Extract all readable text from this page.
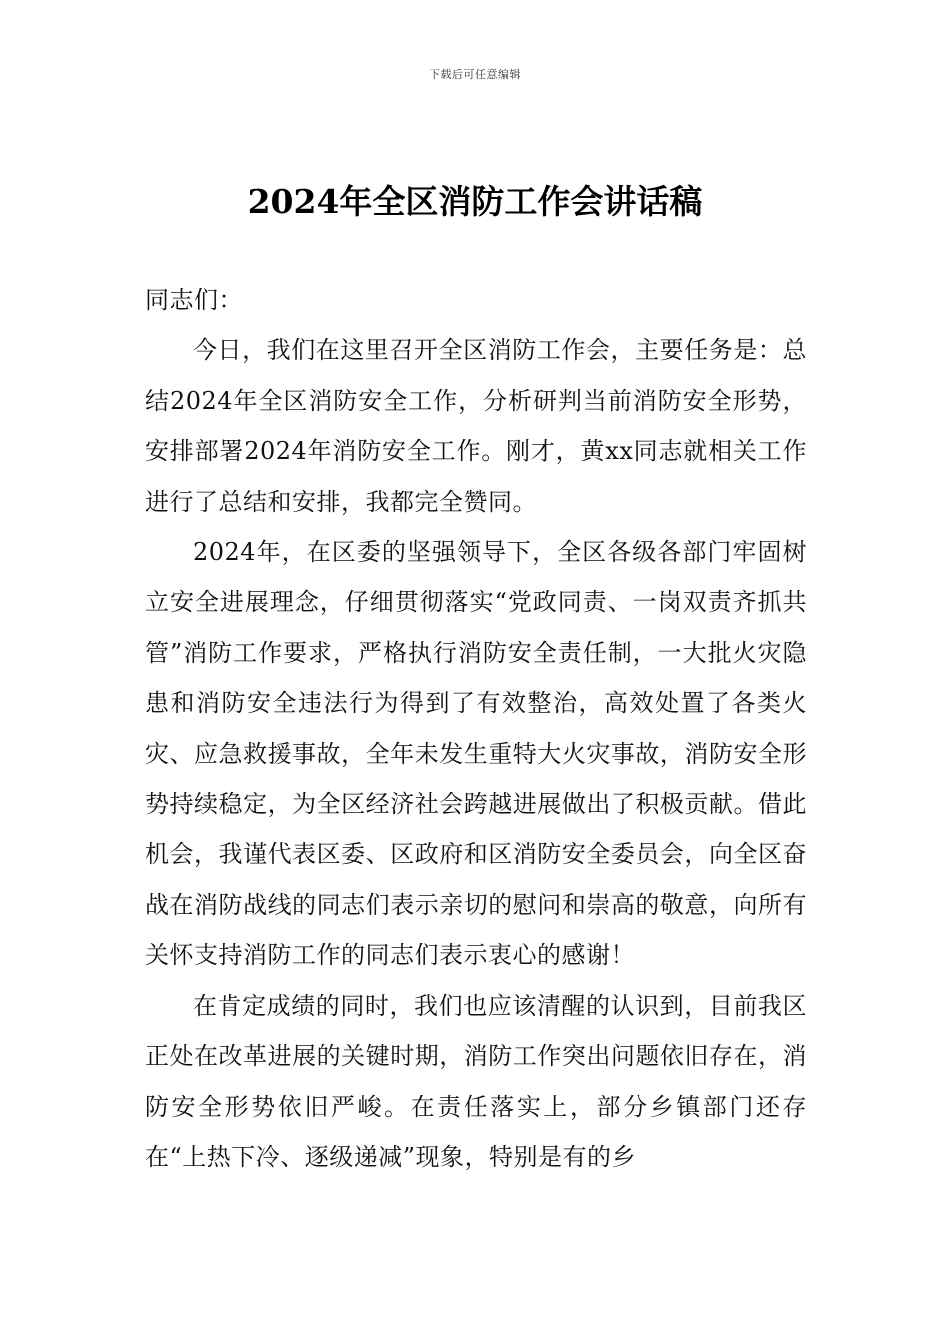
下载后可任意编辑
2024年全区消防工作会讲话稿

同志们：

今日，我们在这里召开全区消防工作会，主要任务是：总结2024年全区消防安全工作，分析研判当前消防安全形势，安排部署2024年消防安全工作。刚才，黄xx同志就相关工作进行了总结和安排，我都完全赞同。

2024年，在区委的坚强领导下，全区各级各部门牢固树立安全进展理念，仔细贯彻落实“党政同责、一岗双责齐抓共管”消防工作要求，严格执行消防安全责任制，一大批火灾隐患和消防安全违法行为得到了有效整治，高效处置了各类火灾、应急救援事故，全年未发生重特大火灾事故，消防安全形势持续稳定，为全区经济社会跨越进展做出了积极贡献。借此机会，我谨代表区委、区政府和区消防安全委员会，向全区奋战在消防战线的同志们表示亲切的慰问和崇高的敬意，向所有关怀支持消防工作的同志们表示衷心的感谢！

在肯定成绩的同时，我们也应该清醒的认识到，目前我区正处在改革进展的关键时期，消防工作突出问题依旧存在，消防安全形势依旧严峻。在责任落实上，部分乡镇部门还存在“上热下冷、逐级递减”现象，特别是有的乡
